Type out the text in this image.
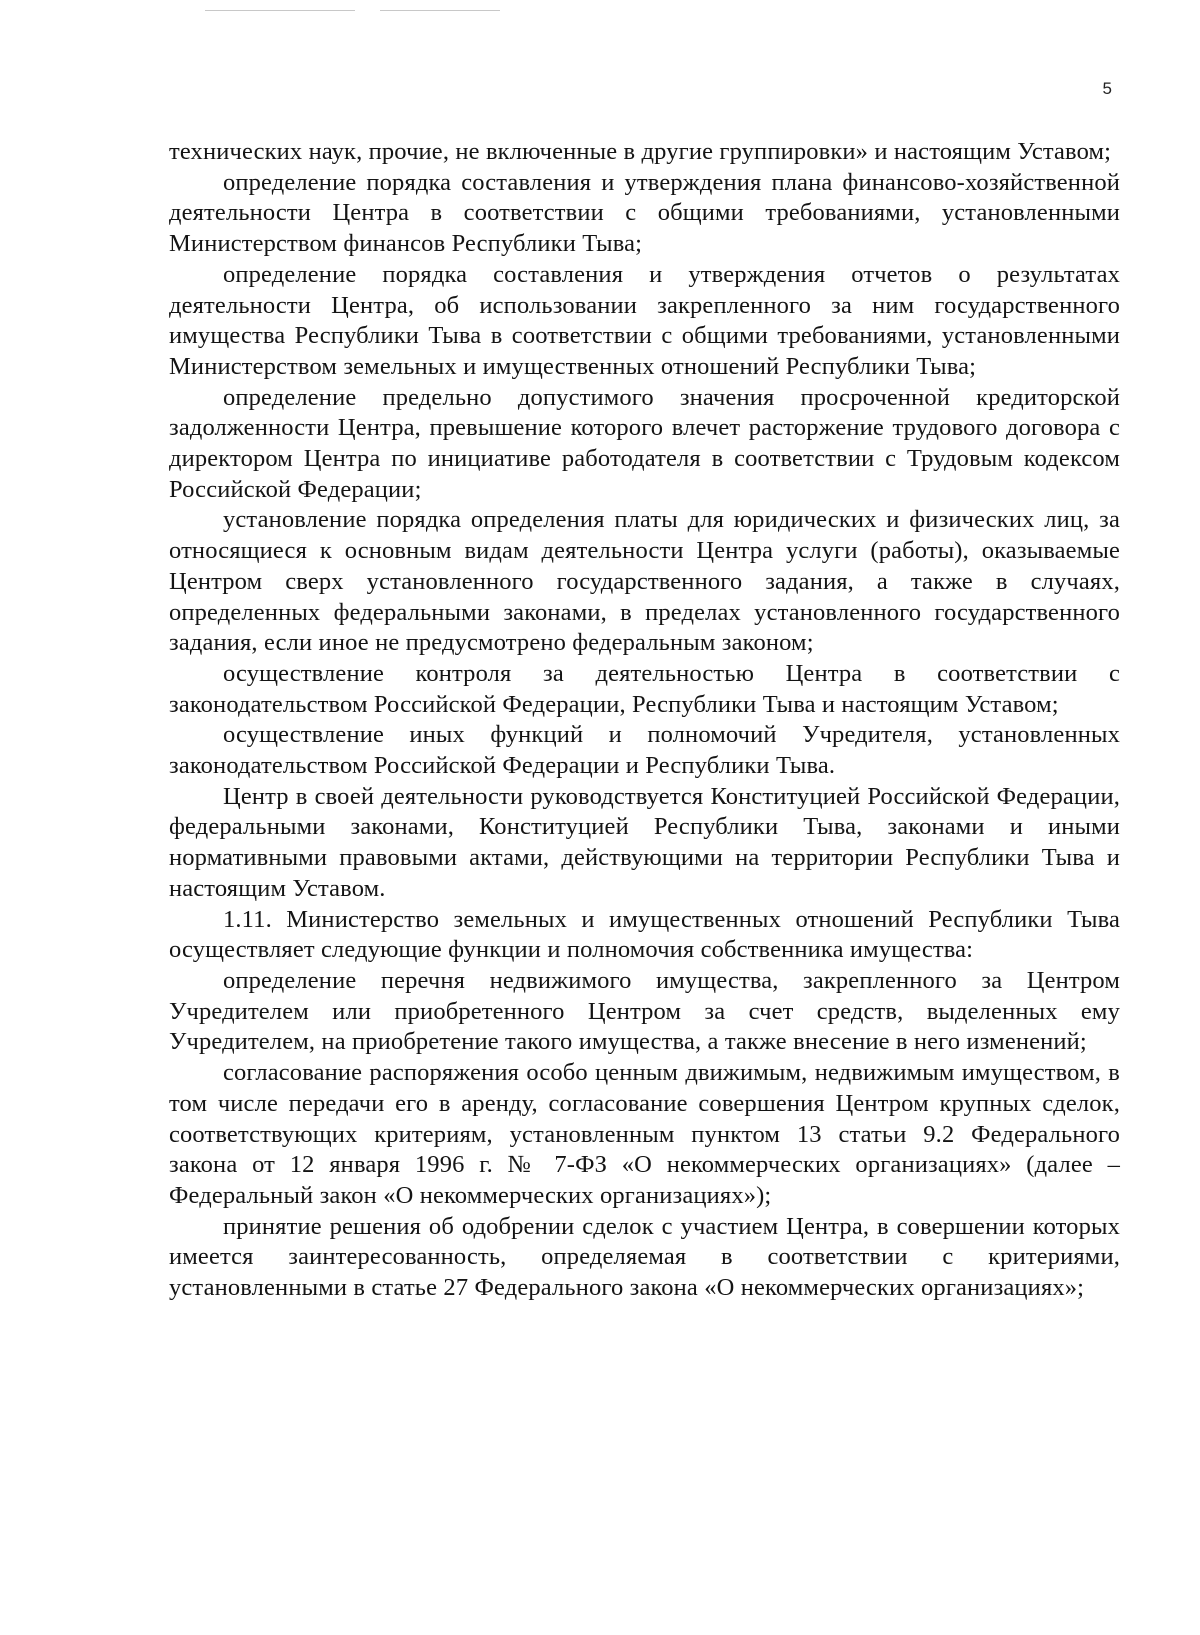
5

технических наук, прочие, не включенные в другие группировки» и настоящим Уставом;

определение порядка составления и утверждения плана финансово-хозяйственной деятельности Центра в соответствии с общими требованиями, установленными Министерством финансов Республики Тыва;

определение порядка составления и утверждения отчетов о результатах деятельности Центра, об использовании закрепленного за ним государственного имущества Республики Тыва в соответствии с общими требованиями, установленными Министерством земельных и имущественных отношений Республики Тыва;

определение предельно допустимого значения просроченной кредиторской задолженности Центра, превышение которого влечет расторжение трудового договора с директором Центра по инициативе работодателя в соответствии с Трудовым кодексом Российской Федерации;

установление порядка определения платы для юридических и физических лиц, за относящиеся к основным видам деятельности Центра услуги (работы), оказываемые Центром сверх установленного государственного задания, а также в случаях, определенных федеральными законами, в пределах установленного государственного задания, если иное не предусмотрено федеральным законом;

осуществление контроля за деятельностью Центра в соответствии с законодательством Российской Федерации, Республики Тыва и настоящим Уставом;

осуществление иных функций и полномочий Учредителя, установленных законодательством Российской Федерации и Республики Тыва.

Центр в своей деятельности руководствуется Конституцией Российской Федерации, федеральными законами, Конституцией Республики Тыва, законами и иными нормативными правовыми актами, действующими на территории Республики Тыва и настоящим Уставом.

1.11. Министерство земельных и имущественных отношений Республики Тыва осуществляет следующие функции и полномочия собственника имущества:

определение перечня недвижимого имущества, закрепленного за Центром Учредителем или приобретенного Центром за счет средств, выделенных ему Учредителем, на приобретение такого имущества, а также внесение в него изменений;

согласование распоряжения особо ценным движимым, недвижимым имуществом, в том числе передачи его в аренду, согласование совершения Центром крупных сделок, соответствующих критериям, установленным пунктом 13 статьи 9.2 Федерального закона от 12 января 1996 г. № 7-ФЗ «О некоммерческих организациях» (далее – Федеральный закон «О некоммерческих организациях»);

принятие решения об одобрении сделок с участием Центра, в совершении которых имеется заинтересованность, определяемая в соответствии с критериями, установленными в статье 27 Федерального закона «О некоммерческих организациях»;
